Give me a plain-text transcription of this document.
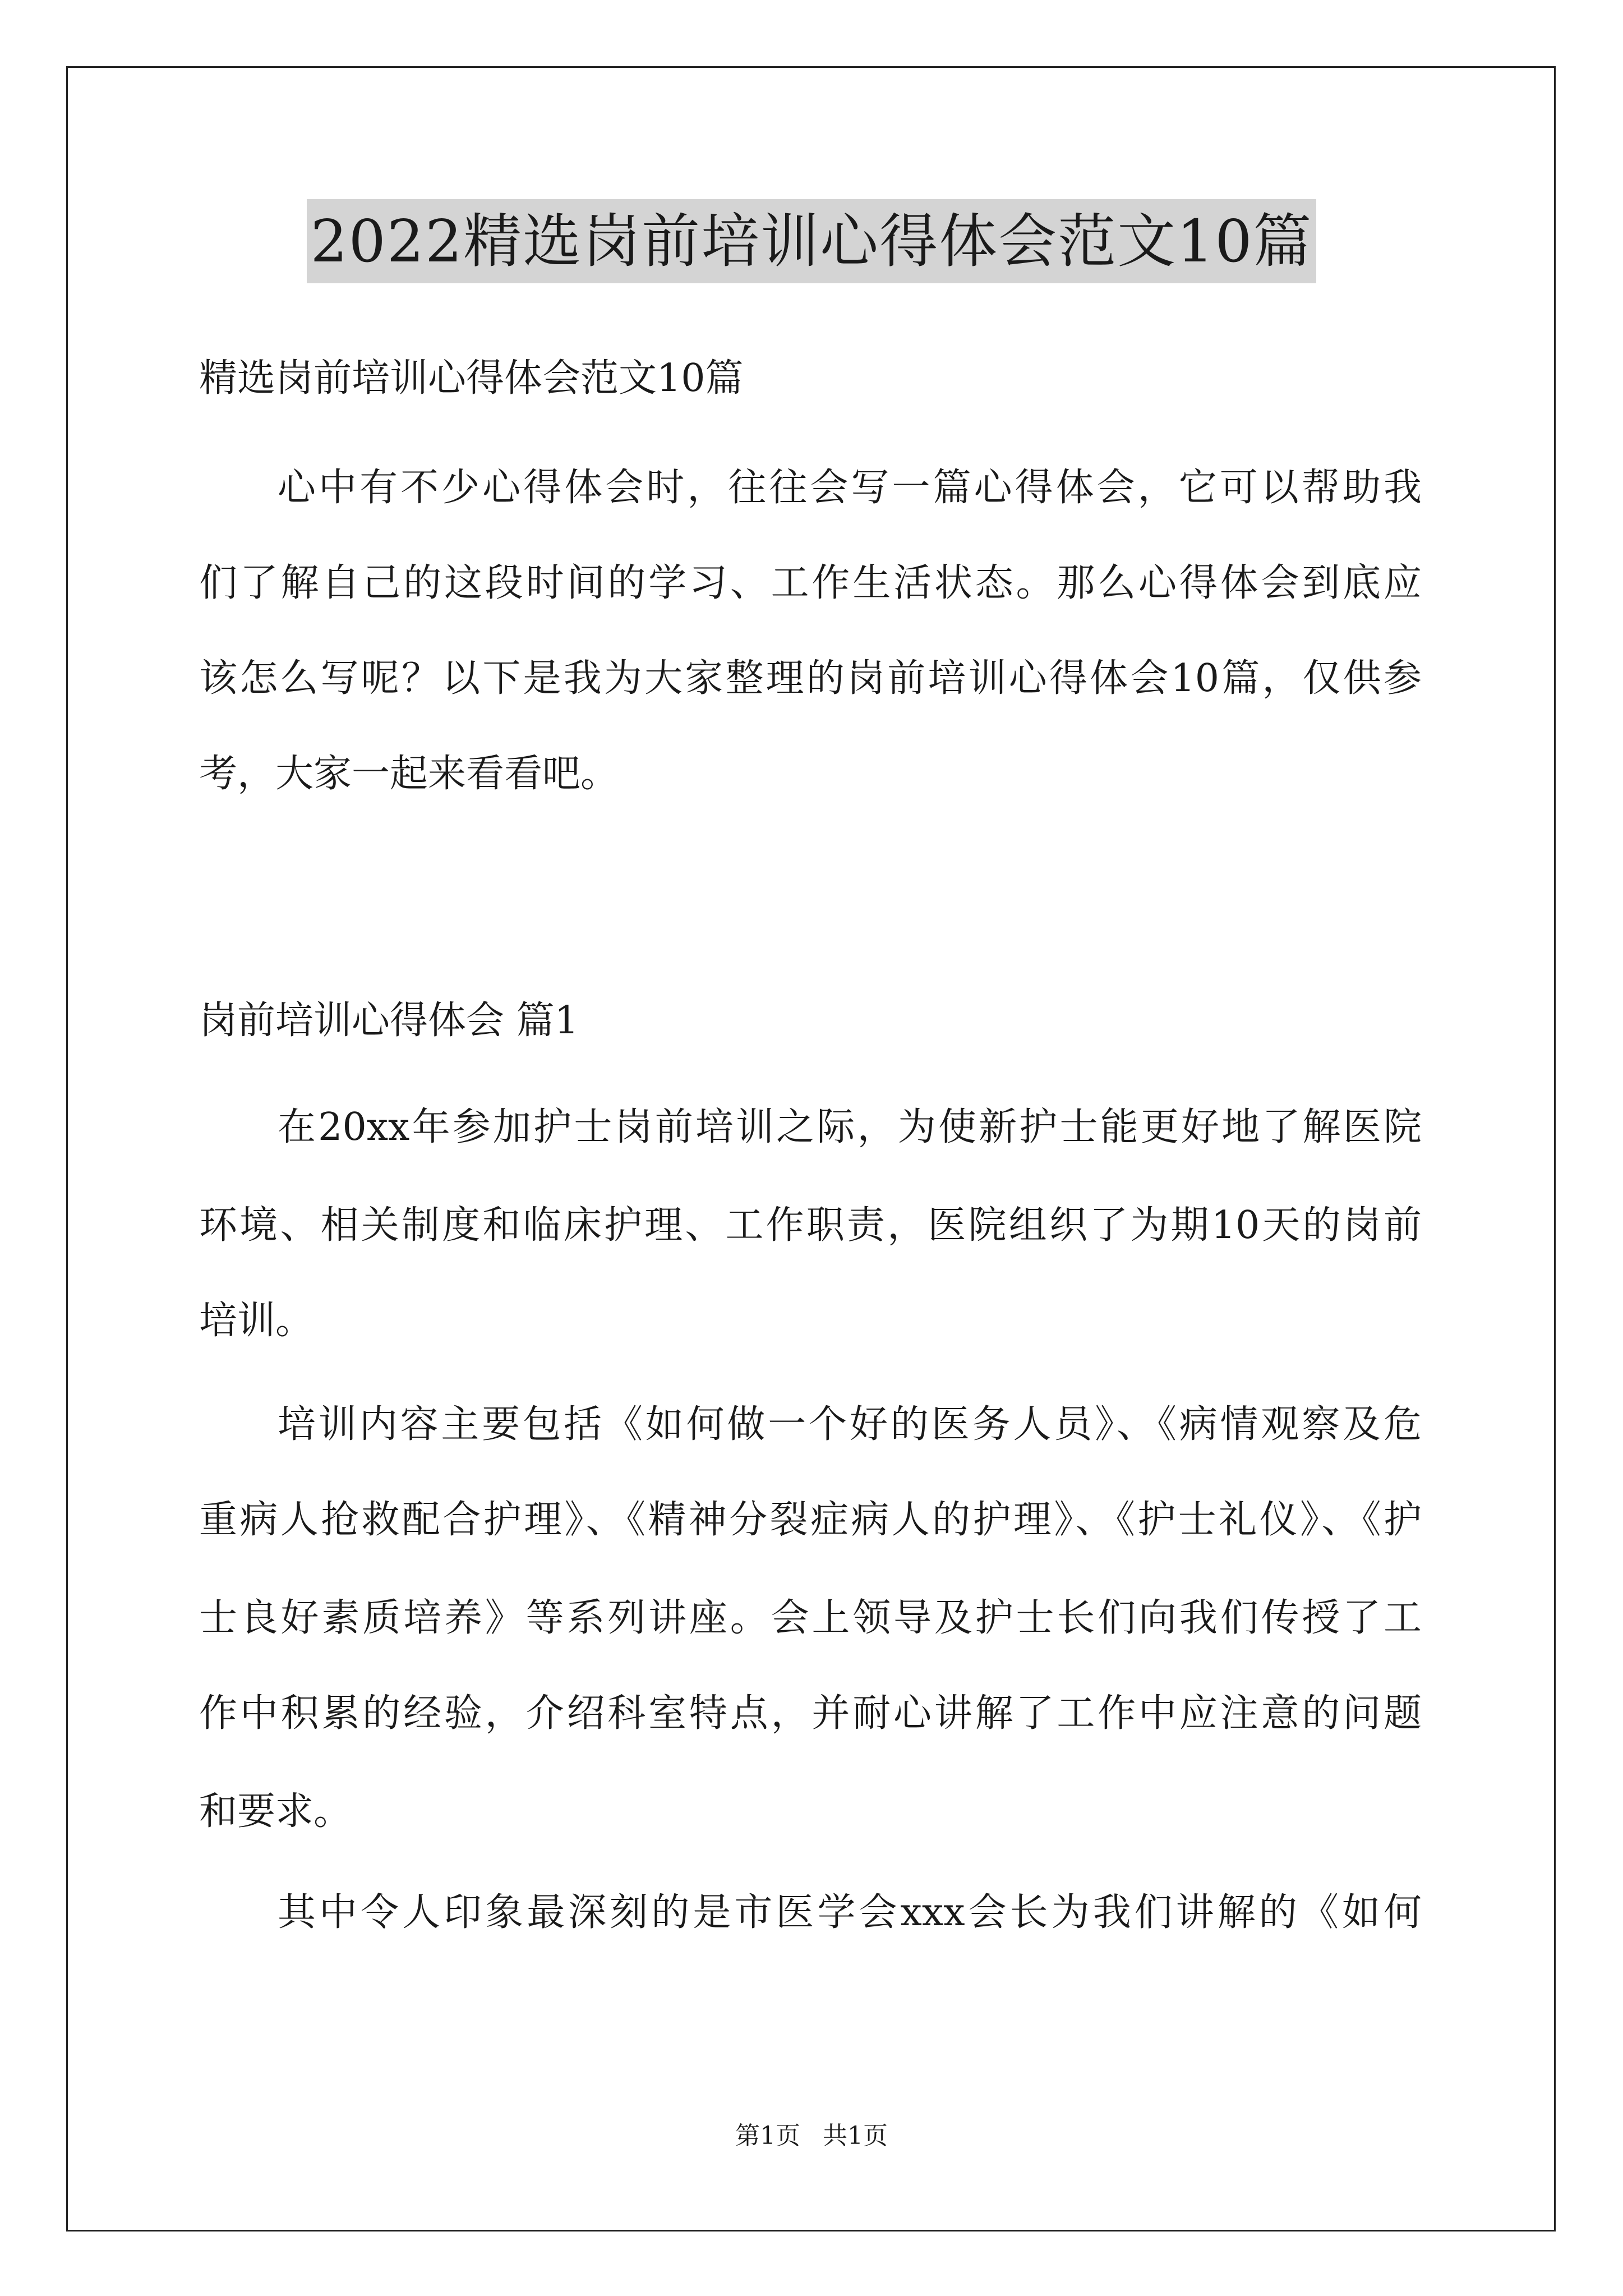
2022精选岗前培训心得体会范文10篇
精选岗前培训心得体会范文10篇
心中有不少心得体会时，往往会写一篇心得体会，它可以帮助我
们了解自己的这段时间的学习、工作生活状态。那么心得体会到底应
该怎么写呢？以下是我为大家整理的岗前培训心得体会10篇，仅供参
考，大家一起来看看吧。
岗前培训心得体会 篇1
在20xx年参加护士岗前培训之际，为使新护士能更好地了解医院
环境、相关制度和临床护理、工作职责，医院组织了为期10天的岗前
培训。
培训内容主要包括《如何做一个好的医务人员》、《病情观察及危
重病人抢救配合护理》、《精神分裂症病人的护理》、《护士礼仪》、《护
士良好素质培养》等系列讲座。会上领导及护士长们向我们传授了工
作中积累的经验，介绍科室特点，并耐心讲解了工作中应注意的问题
和要求。
其中令人印象最深刻的是市医学会xxx会长为我们讲解的《如何
第1页 共1页
